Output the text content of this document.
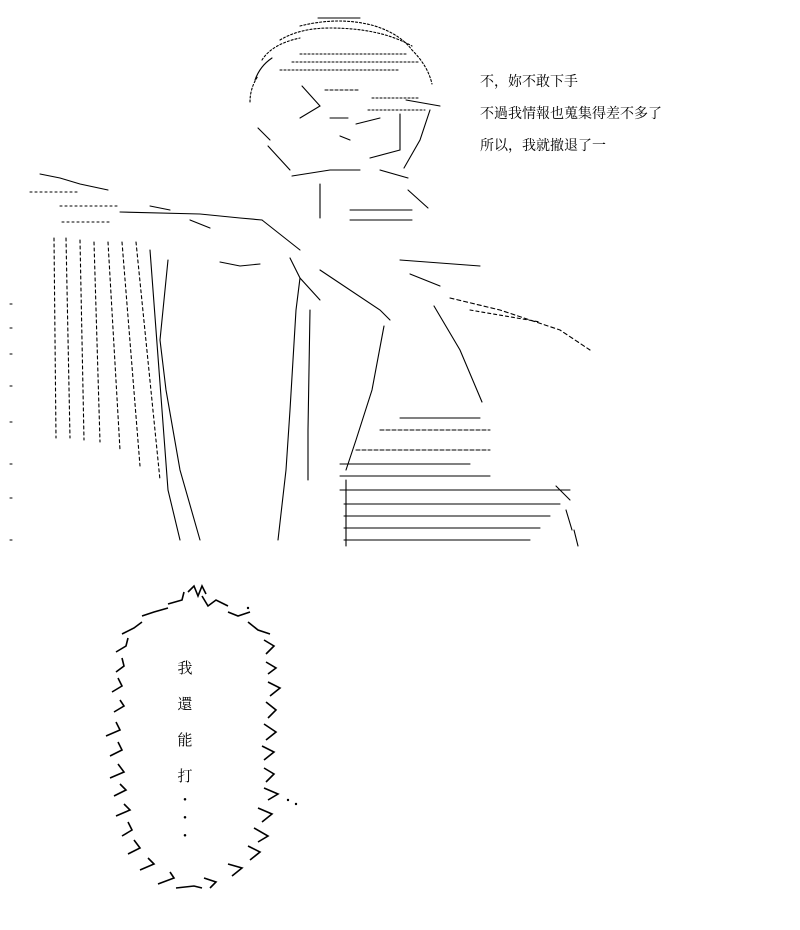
不，妳不敢下手
不過我情報也蒐集得差不多了
所以，我就撤退了一
我
還
能
打
・
・
・
